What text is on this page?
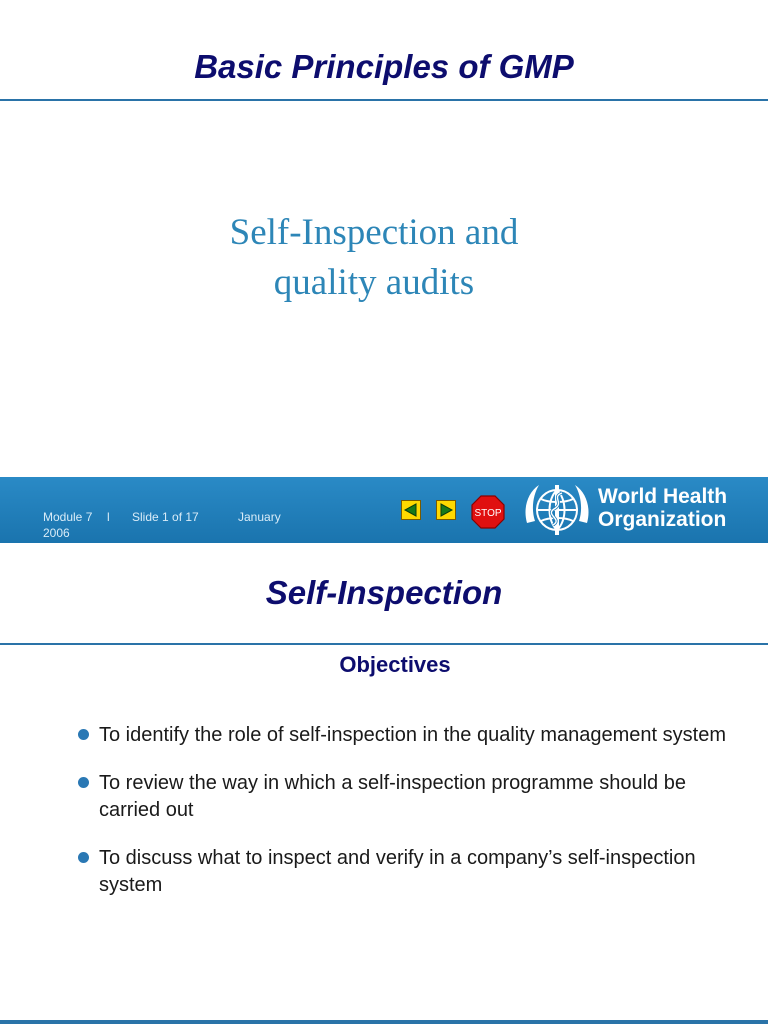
Basic Principles of GMP
Self-Inspection and
quality audits
Module 7 l Slide 1 of 17	January
2006
STOP
World Health
Organization
Self-Inspection
Objectives
To identify the role of self-inspection in the quality management system
To review the way in which a self-inspection programme should be carried out
To discuss what to inspect and verify in a company’s self-inspection system
